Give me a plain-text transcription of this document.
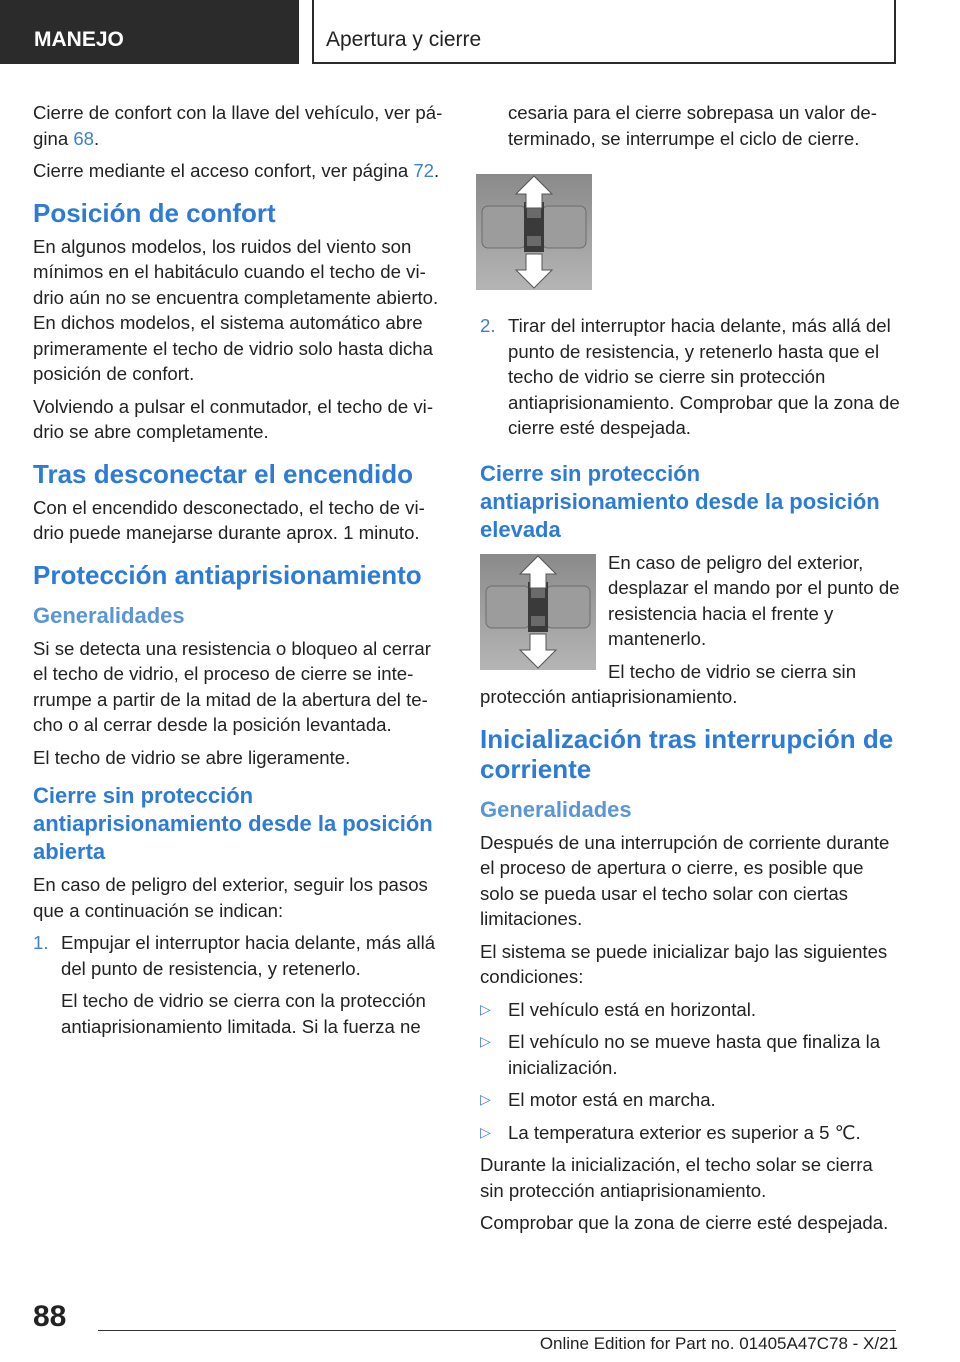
MANEJO	Apertura y cierre

Cierre de confort con la llave del vehículo, ver página 68.

Cierre mediante el acceso confort, ver página 72.

Posición de confort

En algunos modelos, los ruidos del viento son mínimos en el habitáculo cuando el techo de vidrio aún no se encuentra completamente abierto. En dichos modelos, el sistema automático abre primeramente el techo de vidrio solo hasta dicha posición de confort.

Volviendo a pulsar el conmutador, el techo de vidrio se abre completamente.

Tras desconectar el encendido

Con el encendido desconectado, el techo de vidrio puede manejarse durante aprox. 1 minuto.

Protección antiaprisionamiento
Generalidades

Si se detecta una resistencia o bloqueo al cerrar el techo de vidrio, el proceso de cierre se interrumpe a partir de la mitad de la abertura del techo o al cerrar desde la posición levantada.

El techo de vidrio se abre ligeramente.

Cierre sin protección antiaprisionamiento desde la posición abierta

En caso de peligro del exterior, seguir los pasos que a continuación se indican:

1. Empujar el interruptor hacia delante, más allá del punto de resistencia, y retenerlo.

El techo de vidrio se cierra con la protección antiaprisionamiento limitada. Si la fuerza ne

cesaria para el cierre sobrepasa un valor determinado, se interrumpe el ciclo de cierre.

2. Tirar del interruptor hacia delante, más allá del punto de resistencia, y retenerlo hasta que el techo de vidrio se cierre sin protección antiaprisionamiento. Comprobar que la zona de cierre esté despejada.

Cierre sin protección antiaprisionamiento desde la posición elevada

En caso de peligro del exterior, desplazar el mando por el punto de resistencia hacia el frente y mantenerlo.

El techo de vidrio se cierra sin

protección antiaprisionamiento.

Inicialización tras interrupción de corriente
Generalidades

Después de una interrupción de corriente durante el proceso de apertura o cierre, es posible que solo se pueda usar el techo solar con ciertas limitaciones.

El sistema se puede inicializar bajo las siguientes condiciones:

▷ El vehículo está en horizontal.
▷ El vehículo no se mueve hasta que finaliza la inicialización.
▷ El motor está en marcha.
▷ La temperatura exterior es superior a 5 ℃.

Durante la inicialización, el techo solar se cierra sin protección antiaprisionamiento.

Comprobar que la zona de cierre esté despejada.

88
Online Edition for Part no. 01405A47C78 - X/21
